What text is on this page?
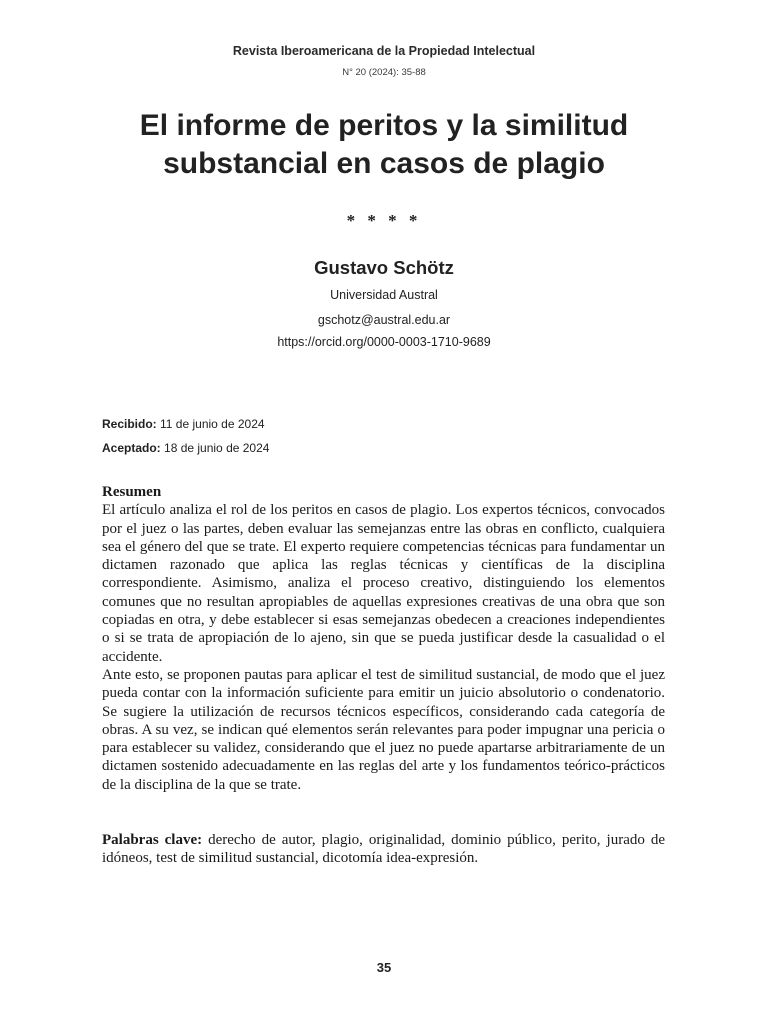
Revista Iberoamericana de la Propiedad Intelectual
N° 20 (2024): 35-88
El informe de peritos y la similitud
substancial en casos de plagio
* * * *
Gustavo Schötz
Universidad Austral
gschotz@austral.edu.ar
https://orcid.org/0000-0003-1710-9689
Recibido: 11 de junio de 2024
Aceptado: 18 de junio de 2024

Resumen

El artículo analiza el rol de los peritos en casos de plagio. Los expertos técnicos, convocados por el juez o las partes, deben evaluar las semejanzas entre las obras en conflicto, cualquiera sea el género del que se trate. El experto requiere competencias técnicas para fundamentar un dictamen razonado que aplica las reglas técnicas y científicas de la disciplina correspondiente. Asimismo, analiza el proceso creativo, distinguiendo los elementos comunes que no resultan apropiables de aquellas expresiones creativas de una obra que son copiadas en otra, y debe establecer si esas semejanzas obedecen a creaciones independientes o si se trata de apropiación de lo ajeno, sin que se pueda justificar desde la casualidad o el accidente.

Ante esto, se proponen pautas para aplicar el test de similitud sustancial, de modo que el juez pueda contar con la información suficiente para emitir un juicio absolutorio o condenatorio. Se sugiere la utilización de recursos técnicos específicos, considerando cada categoría de obras. A su vez, se indican qué elementos serán relevantes para poder impugnar una pericia o para establecer su validez, considerando que el juez no puede apartarse arbitrariamente de un dictamen sostenido adecuadamente en las reglas del arte y los fundamentos teórico-prácticos de la disciplina de la que se trate.

Palabras clave: derecho de autor, plagio, originalidad, dominio público, perito, jurado de idóneos, test de similitud sustancial, dicotomía idea-expresión.
35
